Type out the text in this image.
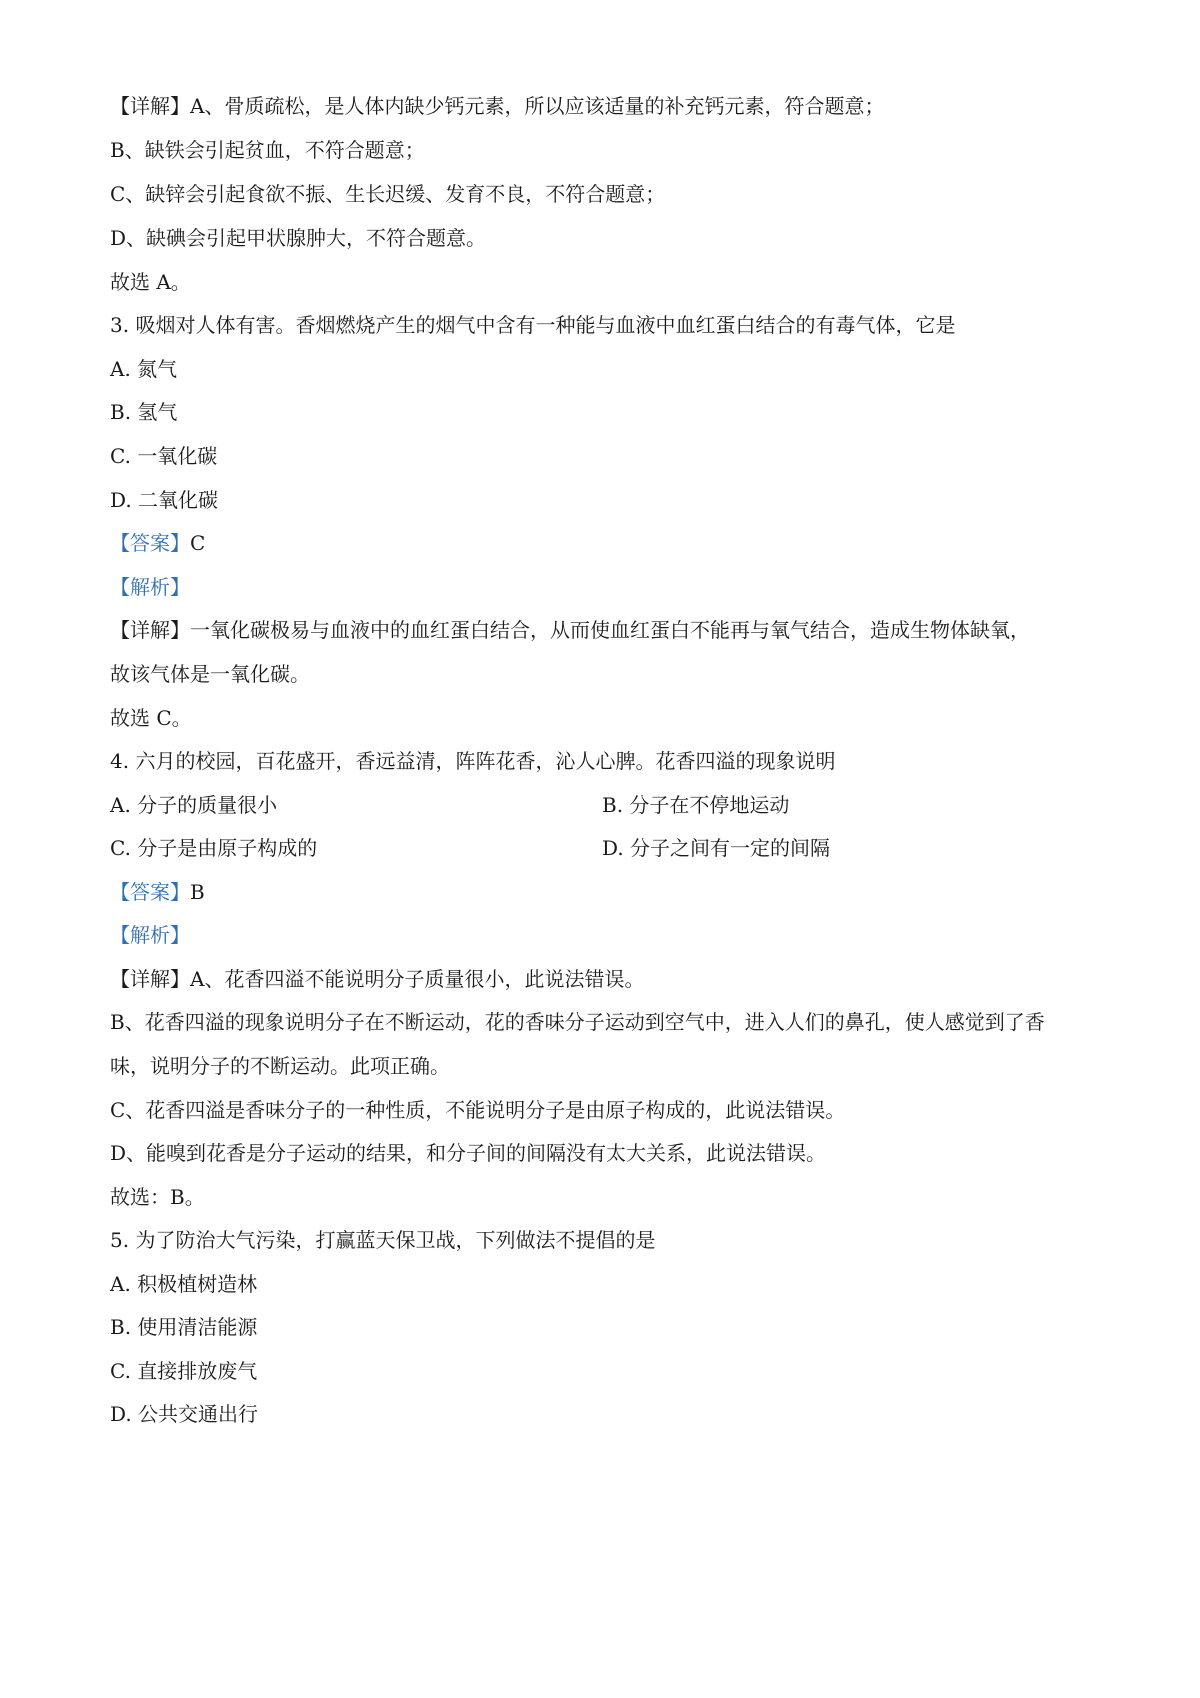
【详解】A、骨质疏松，是人体内缺少钙元素，所以应该适量的补充钙元素，符合题意；
B、缺铁会引起贫血，不符合题意；
C、缺锌会引起食欲不振、生长迟缓、发育不良，不符合题意；
D、缺碘会引起甲状腺肿大，不符合题意。
故选 A。
3. 吸烟对人体有害。香烟燃烧产生的烟气中含有一种能与血液中血红蛋白结合的有毒气体，它是
A. 氮气
B. 氢气
C. 一氧化碳
D. 二氧化碳
【答案】C
【解析】
【详解】一氧化碳极易与血液中的血红蛋白结合，从而使血红蛋白不能再与氧气结合，造成生物体缺氧，
故该气体是一氧化碳。
故选 C。
4. 六月的校园，百花盛开，香远益清，阵阵花香，沁人心脾。花香四溢的现象说明
A. 分子的质量很小	B. 分子在不停地运动
C. 分子是由原子构成的	D. 分子之间有一定的间隔
【答案】B
【解析】
【详解】A、花香四溢不能说明分子质量很小，此说法错误。
B、花香四溢的现象说明分子在不断运动，花的香味分子运动到空气中，进入人们的鼻孔，使人感觉到了香
味，说明分子的不断运动。此项正确。
C、花香四溢是香味分子的一种性质，不能说明分子是由原子构成的，此说法错误。
D、能嗅到花香是分子运动的结果，和分子间的间隔没有太大关系，此说法错误。
故选：B。
5. 为了防治大气污染，打赢蓝天保卫战，下列做法不提倡的是
A. 积极植树造林
B. 使用清洁能源
C. 直接排放废气
D. 公共交通出行
